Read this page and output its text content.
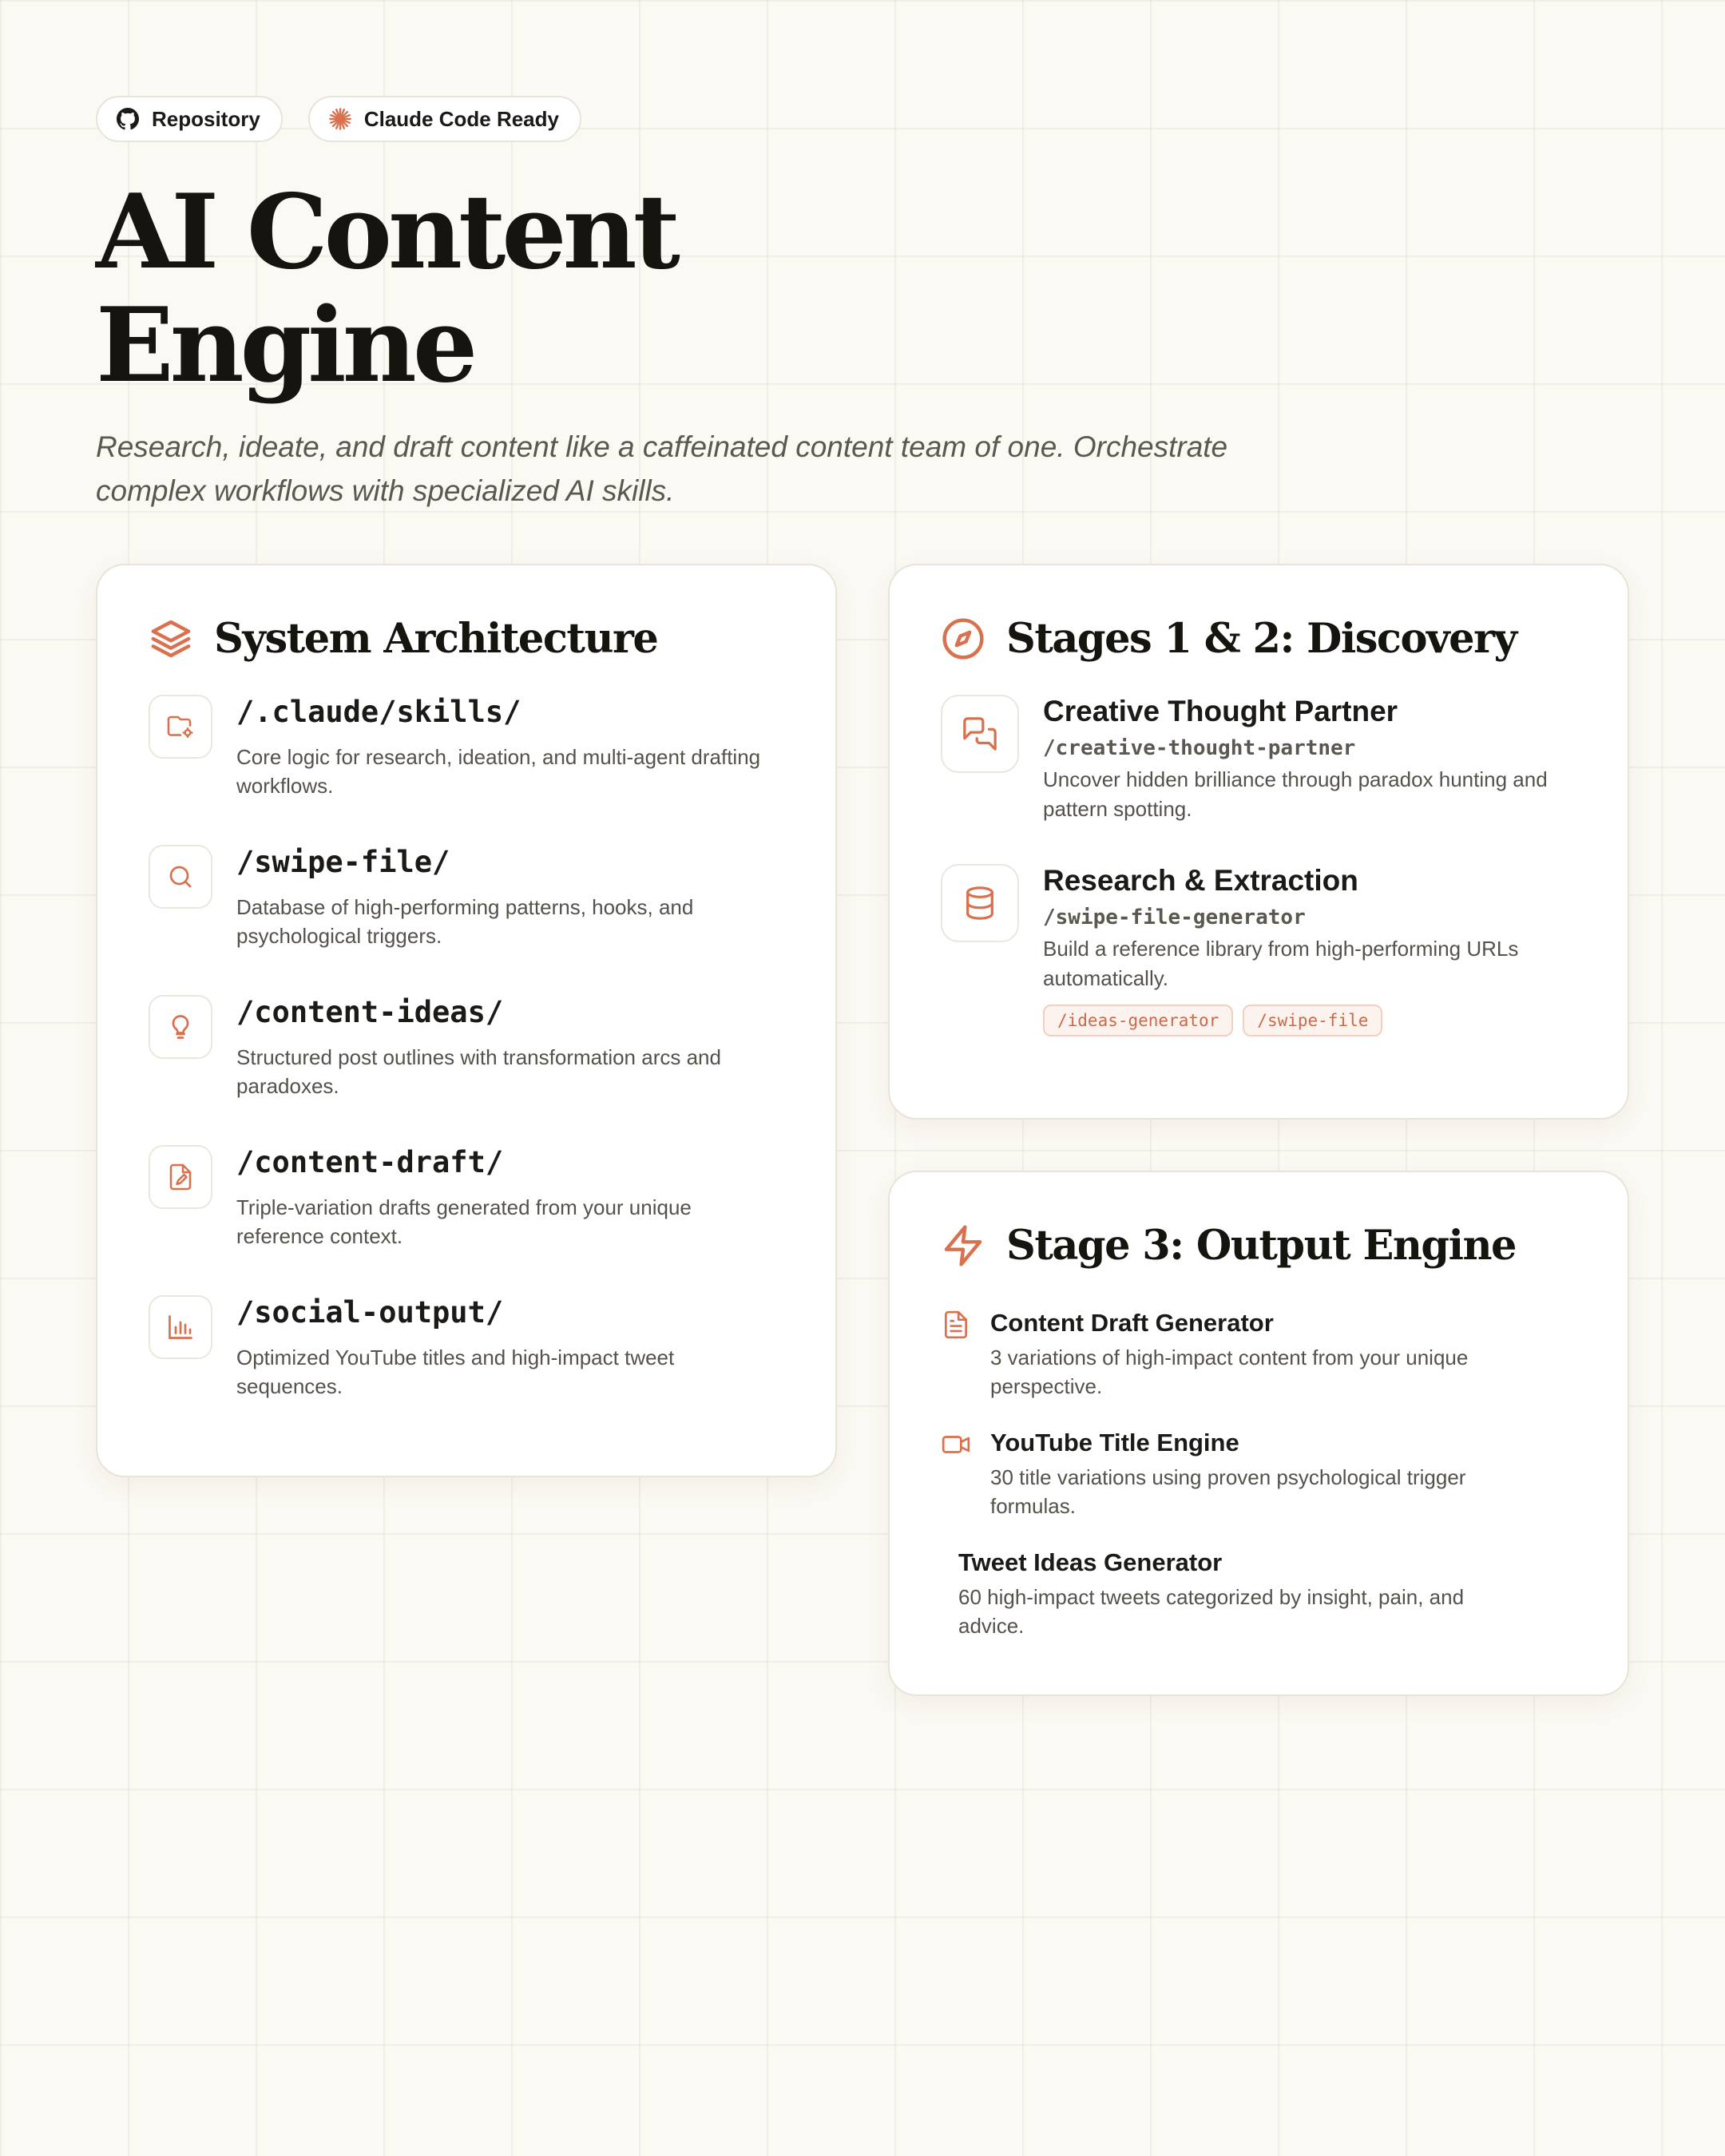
Repository	Claude Code Ready
AI Content
Engine

Research, ideate, and draft content like a caffeinated content team of one. Orchestrate complex workflows with specialized AI skills.

System Architecture
/.claude/skills/
Core logic for research, ideation, and multi-agent drafting workflows.
/swipe-file/
Database of high-performing patterns, hooks, and psychological triggers.
/content-ideas/
Structured post outlines with transformation arcs and paradoxes.
/content-draft/
Triple-variation drafts generated from your unique reference context.
/social-output/
Optimized YouTube titles and high-impact tweet sequences.
Stages 1 & 2: Discovery
Creative Thought Partner
/creative-thought-partner
Uncover hidden brilliance through paradox hunting and pattern spotting.
Research & Extraction
/swipe-file-generator
Build a reference library from high-performing URLs automatically.
/ideas-generator	/swipe-file
Stage 3: Output Engine
Content Draft Generator
3 variations of high-impact content from your unique perspective.
YouTube Title Engine
30 title variations using proven psychological trigger formulas.
Tweet Ideas Generator
60 high-impact tweets categorized by insight, pain, and advice.
